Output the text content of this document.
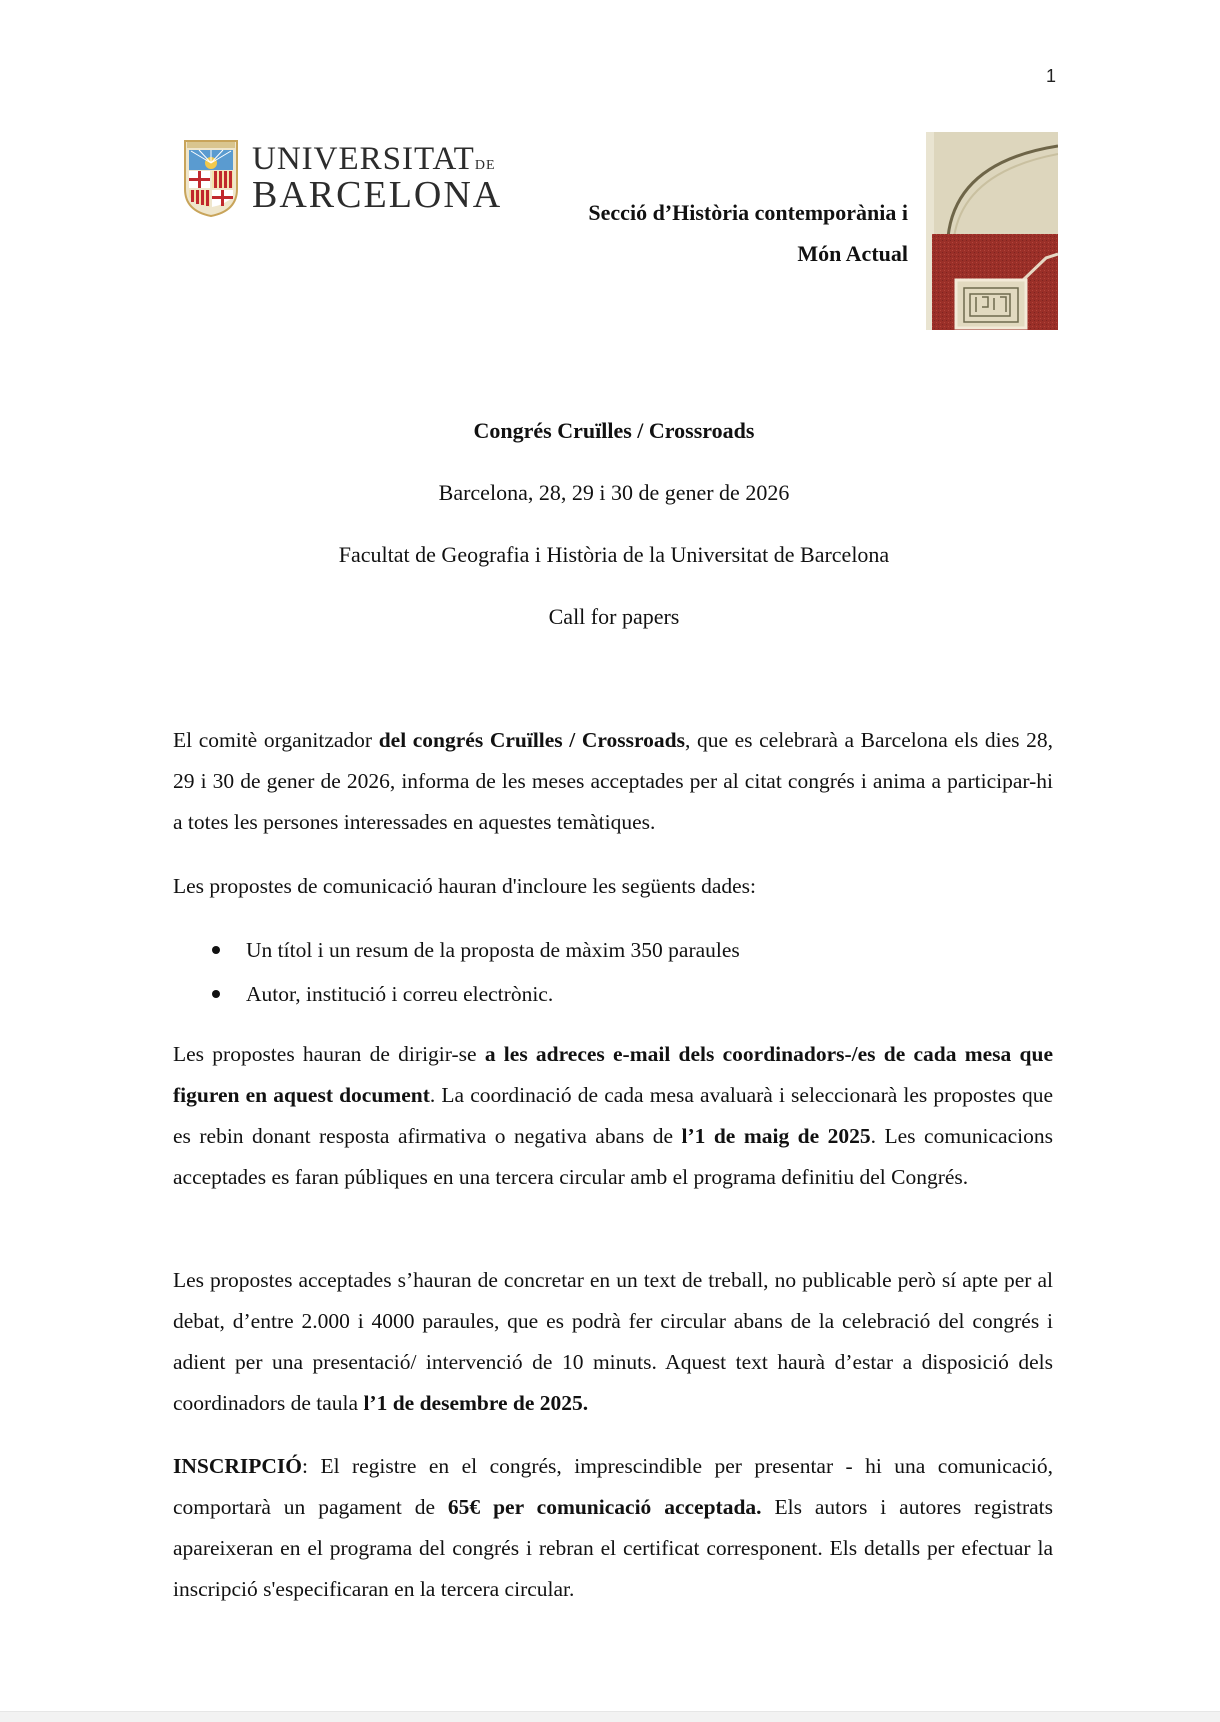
1
UNIVERSITATDE
BARCELONA	Secció d’Història contemporània i
Món Actual
Congrés Cruïlles / Crossroads
Barcelona, 28, 29 i 30 de gener de 2026
Facultat de Geografia i Història de la Universitat de Barcelona
Call for papers

El comitè organitzador del congrés Cruïlles / Crossroads, que es celebrarà a Barcelona els dies 28, 29 i 30 de gener de 2026, informa de les meses acceptades per al citat congrés i anima a participar-hi a totes les persones interessades en aquestes temàtiques.

Les propostes de comunicació hauran d'incloure les següents dades:

Un títol i un resum de la proposta de màxim 350 paraules
Autor, institució i correu electrònic.

Les propostes hauran de dirigir-se a les adreces e-mail dels coordinadors-/es de cada mesa que figuren en aquest document. La coordinació de cada mesa avaluarà i seleccionarà les propostes que es rebin donant resposta afirmativa o negativa abans de l’1 de maig de 2025. Les comunicacions acceptades es faran públiques en una tercera circular amb el programa definitiu del Congrés.

Les propostes acceptades s’hauran de concretar en un text de treball, no publicable però sí apte per al debat, d’entre 2.000 i 4000 paraules, que es podrà fer circular abans de la celebració del congrés i adient per una presentació/ intervenció de 10 minuts. Aquest text haurà d’estar a disposició dels coordinadors de taula l’1 de desembre de 2025.

INSCRIPCIÓ: El registre en el congrés, imprescindible per presentar - hi una comunicació, comportarà un pagament de 65€ per comunicació acceptada. Els autors i autores registrats apareixeran en el programa del congrés i rebran el certificat corresponent. Els detalls per efectuar la inscripció s'especificaran en la tercera circular.
